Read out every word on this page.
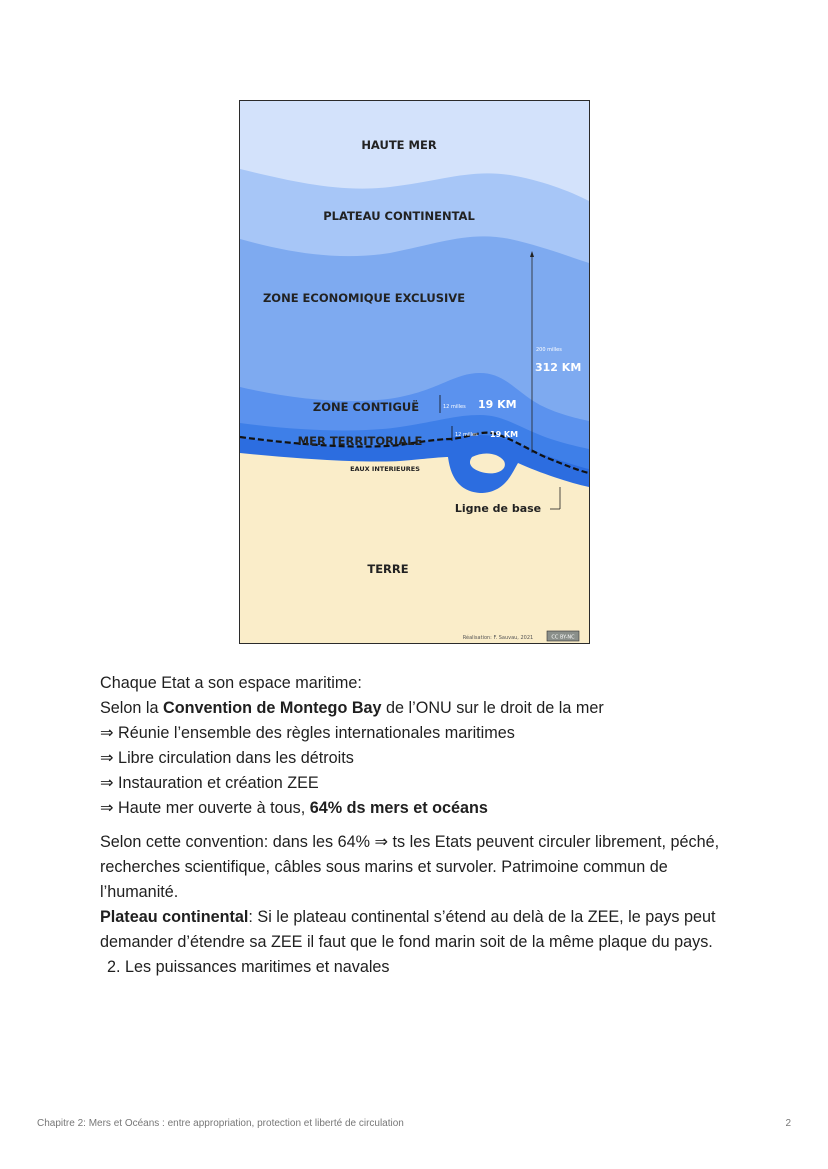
HAUTE MER
PLATEAU CONTINENTAL
ZONE ECONOMIQUE EXCLUSIVE
ZONE CONTIGUË
MER TERRITORIALE
EAUX INTERIEURES
Ligne de base
TERRE
200 milles
312 KM
12 milles 19 KM
12 milles 19 KM
Réalisation: F. Sauvau, 2021	CC BY-NC

Chaque Etat a son espace maritime:

Selon la Convention de Montego Bay de l’ONU sur le droit de la mer

⇒ Réunie l’ensemble des règles internationales maritimes

⇒ Libre circulation dans les détroits

⇒ Instauration et création ZEE

⇒ Haute mer ouverte à tous, 64% ds mers et océans

Selon cette convention: dans les 64% ⇒ ts les Etats peuvent circuler librement, péché, recherches scientifique, câbles sous marins et survoler. Patrimoine commun de l’humanité.

Plateau continental: Si le plateau continental s’étend au delà de la ZEE, le pays peut demander d’étendre sa ZEE il faut que le fond marin soit de la même plaque du pays.

2. Les puissances maritimes et navales

Chapitre 2: Mers et Océans : entre appropriation, protection et liberté de circulation	2
